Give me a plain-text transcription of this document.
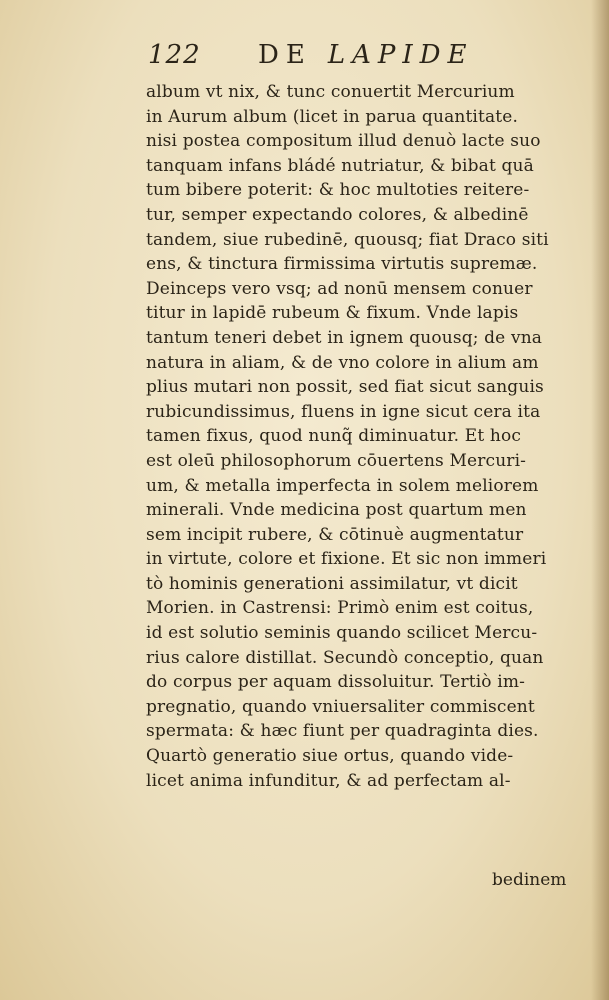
122 DE LAPIDE
album vt nix, & tunc conuertit Mercurium
in Aurum album (licet in parua quantitate.
nisi postea compositum illud denuò lacte suo
tanquam infans bládé nutriatur, & bibat quā
tum bibere poterit: & hoc multoties reitere-
tur, semper expectando colores, & albedinē
tandem, siue rubedinē, quousq; fiat Draco siti
ens, & tinctura firmissima virtutis supremæ.
Deinceps vero vsq; ad nonū mensem conuer
titur in lapidē rubeum & fixum. Vnde lapis
tantum teneri debet in ignem quousq; de vna
natura in aliam, & de vno colore in alium am
plius mutari non possit, sed fiat sicut sanguis
rubicundissimus, fluens in igne sicut cera ita
tamen fixus, quod nunq̃ diminuatur. Et hoc
est oleū philosophorum cōuertens Mercuri-
um, & metalla imperfecta in solem meliorem
minerali. Vnde medicina post quartum men
sem incipit rubere, & cōtinuè augmentatur
in virtute, colore et fixione. Et sic non immeri
tò hominis generationi assimilatur, vt dicit
Morien. in Castrensi: Primò enim est coitus,
id est solutio seminis quando scilicet Mercu-
rius calore distillat. Secundò conceptio, quan
do corpus per aquam dissoluitur. Tertiò im-
pregnatio, quando vniuersaliter commiscent
spermata: & hæc fiunt per quadraginta dies.
Quartò generatio siue ortus, quando vide-
licet anima infunditur, & ad perfectam al-
bedinem
